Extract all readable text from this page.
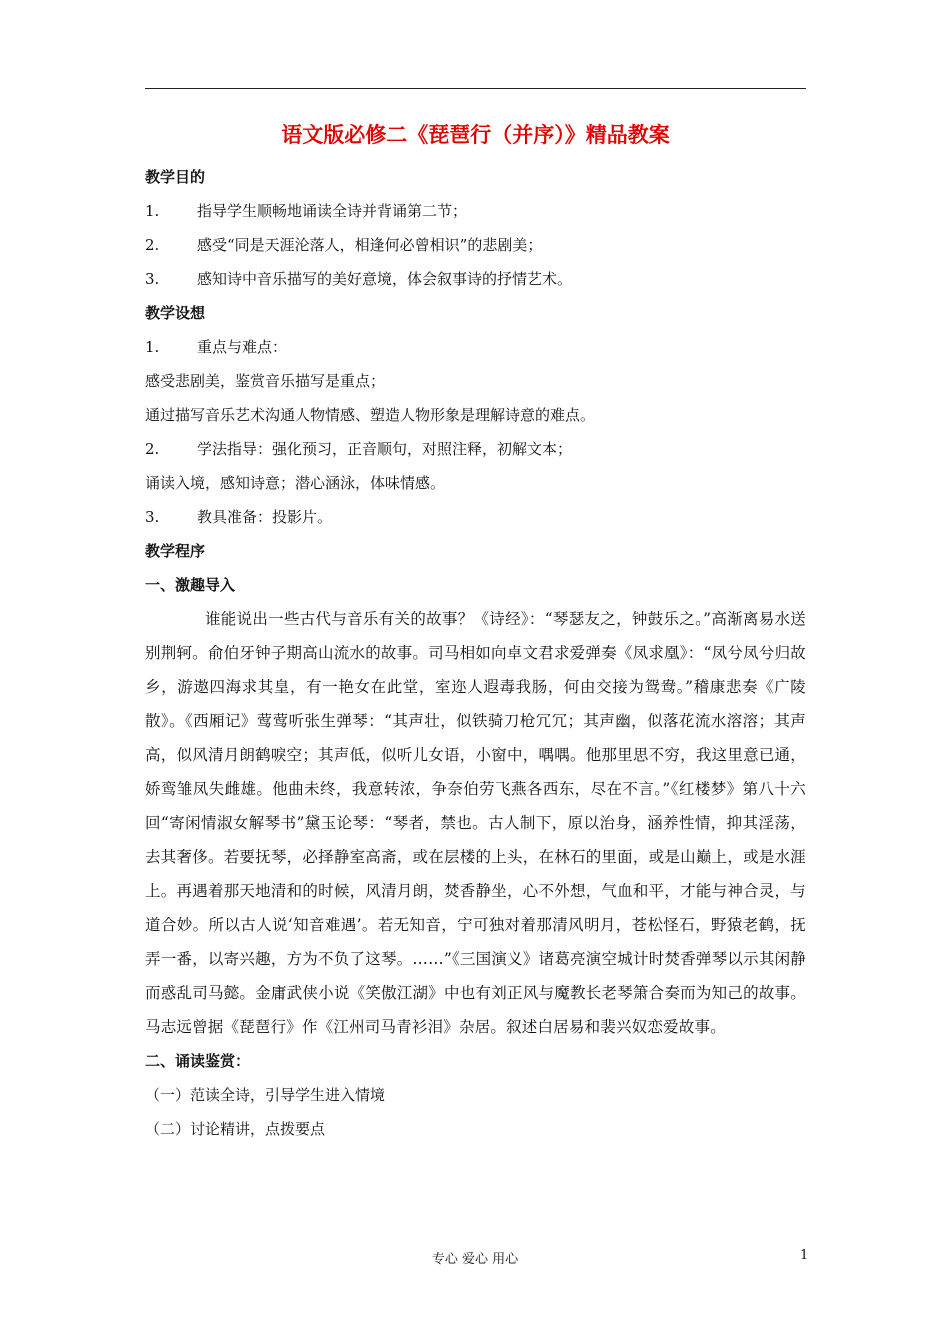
语文版必修二《琵琶行（并序）》精品教案
教学目的
1.	指导学生顺畅地诵读全诗并背诵第二节；
2.	感受“同是天涯沦落人，相逢何必曾相识”的悲剧美；
3.	感知诗中音乐描写的美好意境，体会叙事诗的抒情艺术。
教学设想
1.	重点与难点：
感受悲剧美，鉴赏音乐描写是重点；
通过描写音乐艺术沟通人物情感、塑造人物形象是理解诗意的难点。
2.	学法指导：强化预习，正音顺句，对照注释，初解文本；
诵读入境，感知诗意；潜心涵泳，体味情感。
3.	教具准备：投影片。
教学程序
一、激趣导入

谁能说出一些古代与音乐有关的故事？《诗经》：“琴瑟友之，钟鼓乐之。”高渐离易水送别荆轲。俞伯牙钟子期高山流水的故事。司马相如向卓文君求爱弹奏《凤求凰》：“凤兮凤兮归故乡，游遨四海求其皇，有一艳女在此堂，室迩人遐毒我肠，何由交接为鸳鸯。”稽康悲奏《广陵散》。《西厢记》莺莺听张生弹琴：“其声壮，似铁骑刀枪冗冗；其声幽，似落花流水溶溶；其声高，似风清月朗鹤唳空；其声低，似听儿女语，小窗中，喁喁。他那里思不穷，我这里意已通，娇鸾雏凤失雌雄。他曲未终，我意转浓，争奈伯劳飞燕各西东，尽在不言。”《红楼梦》第八十六回“寄闲情淑女解琴书”黛玉论琴：“琴者，禁也。古人制下，原以治身，涵养性情，抑其淫荡，去其奢侈。若要抚琴，必择静室高斋，或在层楼的上头，在林石的里面，或是山巅上，或是水涯上。再遇着那天地清和的时候，风清月朗，焚香静坐，心不外想，气血和平，才能与神合灵，与道合妙。所以古人说‘知音难遇’。若无知音，宁可独对着那清风明月，苍松怪石，野猿老鹤，抚弄一番，以寄兴趣，方为不负了这琴。……”《三国演义》诸葛亮演空城计时焚香弹琴以示其闲静而惑乱司马懿。金庸武侠小说《笑傲江湖》中也有刘正风与魔教长老琴箫合奏而为知己的故事。马志远曾据《琵琶行》作《江州司马青衫泪》杂居。叙述白居易和裴兴奴恋爱故事。

二、诵读鉴赏：
（一）范读全诗，引导学生进入情境
（二）讨论精讲，点拨要点
专心 爱心 用心	1
